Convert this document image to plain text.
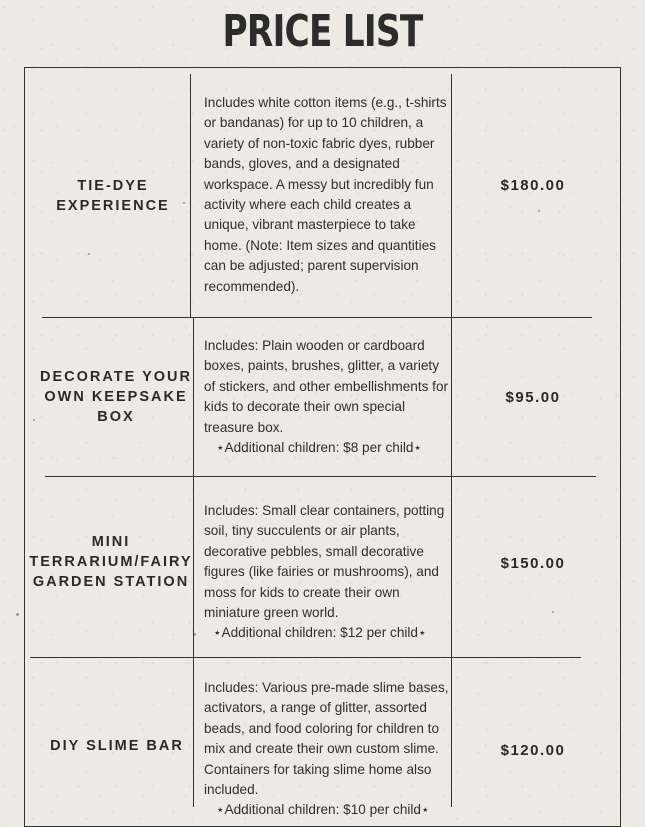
PRICE LIST
TIE-DYE EXPERIENCE

Includes white cotton items (e.g., t-shirts or bandanas) for up to 10 children, a variety of non-toxic fabric dyes, rubber bands, gloves, and a designated workspace. A messy but incredibly fun activity where each child creates a unique, vibrant masterpiece to take home. (Note: Item sizes and quantities can be adjusted; parent supervision recommended).

$180.00
DECORATE YOUR OWN KEEPSAKE BOX

Includes: Plain wooden or cardboard boxes, paints, brushes, glitter, a variety of stickers, and other embellishments for kids to decorate their own special treasure box.

⋆Additional children: $8 per child⋆
$95.00
MINI TERRARIUM/FAIRY GARDEN STATION

Includes: Small clear containers, potting soil, tiny succulents or air plants, decorative pebbles, small decorative figures (like fairies or mushrooms), and moss for kids to create their own miniature green world.

⋆Additional children: $12 per child⋆
$150.00
DIY SLIME BAR

Includes: Various pre-made slime bases, activators, a range of glitter, assorted beads, and food coloring for children to mix and create their own custom slime. Containers for taking slime home also included.

⋆Additional children: $10 per child⋆
$120.00
